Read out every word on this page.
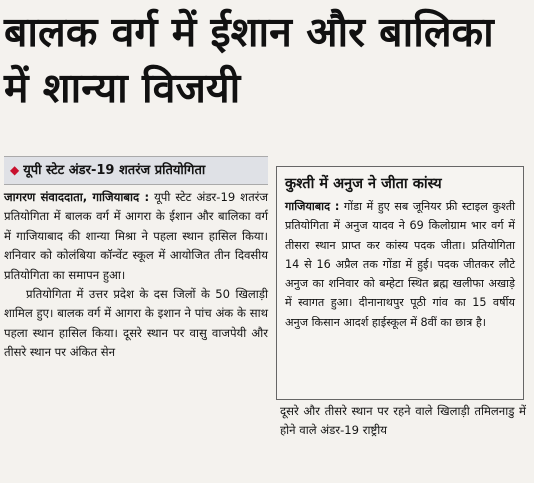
बालक वर्ग में ईशान और बालिका में शान्या विजयी
◆ यूपी स्टेट अंडर-19 शतरंज प्रतियोगिता

जागरण संवाददाता, गाजियाबाद : यूपी स्टेट अंडर-19 शतरंज प्रतियोगिता में बालक वर्ग में आगरा के ईशान और बालिका वर्ग में गाजियाबाद की शान्या मिश्रा ने पहला स्थान हासिल किया। शनिवार को कोलंबिया कॉन्वेंट स्कूल में आयोजित तीन दिवसीय प्रतियोगिता का समापन हुआ।

प्रतियोगिता में उत्तर प्रदेश के दस जिलों के 50 खिलाड़ी शामिल हुए। बालक वर्ग में आगरा के इशान ने पांच अंक के साथ पहला स्थान हासिल किया। दूसरे स्थान पर वासु वाजपेयी और तीसरे स्थान पर अंकित सेन

कुश्ती में अनुज ने जीता कांस्य

गाजियाबाद : गोंडा में हुए सब जूनियर फ्री स्टाइल कुश्ती प्रतियोगिता में अनुज यादव ने 69 किलोग्राम भार वर्ग में तीसरा स्थान प्राप्त कर कांस्य पदक जीता। प्रतियोगिता 14 से 16 अप्रैल तक गोंडा में हुई। पदक जीतकर लौटे अनुज का शनिवार को बम्हेटा स्थित ब्रह्म खलीफा अखाड़े में स्वागत हुआ। दीनानाथपुर पूठी गांव का 15 वर्षीय अनुज किसान आदर्श हाईस्कूल में 8वीं का छात्र है।

दूसरे और तीसरे स्थान पर रहने वाले खिलाड़ी तमिलनाडु में होने वाले अंडर-19 राष्ट्रीय
